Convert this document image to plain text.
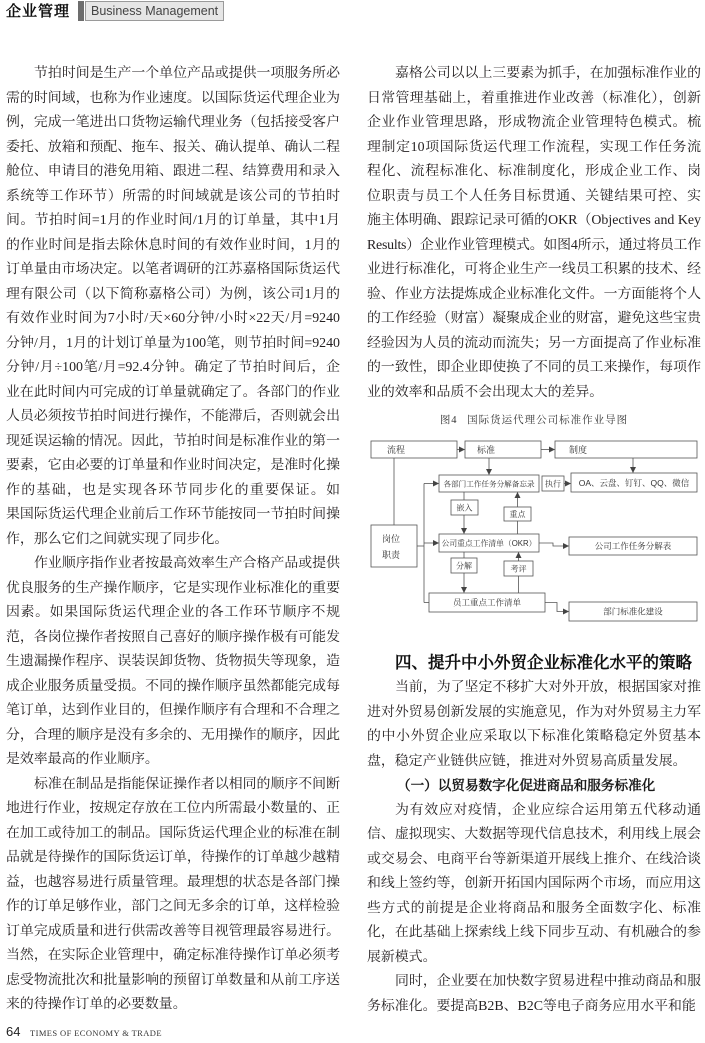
企业管理	Business Management
节拍时间是生产一个单位产品或提供一项服务所必
需的时间域，也称为作业速度。以国际货运代理企业为
例，完成一笔进出口货物运输代理业务（包括接受客户
委托、放箱和预配、拖车、报关、确认提单、确认二程
舱位、申请目的港免用箱、跟进二程、结算费用和录入
系统等工作环节）所需的时间域就是该公司的节拍时
间。节拍时间=1月的作业时间/1月的订单量，其中1月
的作业时间是指去除休息时间的有效作业时间，1月的
订单量由市场决定。以笔者调研的江苏嘉格国际货运代
理有限公司（以下简称嘉格公司）为例，该公司1月的
有效作业时间为7小时/天×60分钟/小时×22天/月=9240
分钟/月，1月的计划订单量为100笔，则节拍时间=9240
分钟/月÷100笔/月=92.4分钟。确定了节拍时间后，企
业在此时间内可完成的订单量就确定了。各部门的作业
人员必须按节拍时间进行操作，不能滞后，否则就会出
现延误运输的情况。因此，节拍时间是标准作业的第一
要素，它由必要的订单量和作业时间决定，是准时化操
作的基础，也是实现各环节同步化的重要保证。如
果国际货运代理企业前后工作环节能按同一节拍时间操
作，那么它们之间就实现了同步化。
作业顺序指作业者按最高效率生产合格产品或提供
优良服务的生产操作顺序，它是实现作业标准化的重要
因素。如果国际货运代理企业的各工作环节顺序不规
范，各岗位操作者按照自己喜好的顺序操作极有可能发
生遗漏操作程序、误装误卸货物、货物损失等现象，造
成企业服务质量受损。不同的操作顺序虽然都能完成每
笔订单，达到作业目的，但操作顺序有合理和不合理之
分，合理的顺序是没有多余的、无用操作的顺序，因此
是效率最高的作业顺序。
标准在制品是指能保证操作者以相同的顺序不间断
地进行作业，按规定存放在工位内所需最小数量的、正
在加工或待加工的制品。国际货运代理企业的标准在制
品就是待操作的国际货运订单，待操作的订单越少越精
益，也越容易进行质量管理。最理想的状态是各部门操
作的订单足够作业，部门之间无多余的订单，这样检验
订单完成质量和进行供需改善等目视管理最容易进行。
当然，在实际企业管理中，确定标准待操作订单必须考
虑受物流批次和批量影响的预留订单数量和从前工序送
来的待操作订单的必要数量。
嘉格公司以以上三要素为抓手，在加强标准作业的
日常管理基础上，着重推进作业改善（标准化），创新
企业作业管理思路，形成物流企业管理特色模式。梳
理制定10项国际货运代理工作流程，实现工作任务流
程化、流程标准化、标准制度化，形成企业工作、岗
位职责与员工个人任务目标贯通、关键结果可控、实
施主体明确、跟踪记录可循的OKR（Objectives and Key
Results）企业作业管理模式。如图4所示，通过将员工作
业进行标准化，可将企业生产一线员工积累的技术、经
验、作业方法提炼成企业标准化文件。一方面能将个人
的工作经验（财富）凝聚成企业的财富，避免这些宝贵
经验因为人员的流动而流失；另一方面提高了作业标准
的一致性，即企业即使换了不同的员工来操作，每项作
业的效率和品质不会出现太大的差异。
图4 国际货运代理公司标准作业导图
流程	标准	制度
各部门工作任务分解备忘录 执行 OA、云盘、钉钉、QQ、微信
嵌入
重点
岗位
职责
公司重点工作清单（OKR）	公司工作任务分解表
分解	考评
员工重点工作清单
部门标准化建设
四、提升中小外贸企业标准化水平的策略
当前，为了坚定不移扩大对外开放，根据国家对推
进对外贸易创新发展的实施意见，作为对外贸易主力军
的中小外贸企业应采取以下标准化策略稳定外贸基本
盘，稳定产业链供应链，推进对外贸易高质量发展。
（一）以贸易数字化促进商品和服务标准化
为有效应对疫情，企业应综合运用第五代移动通
信、虚拟现实、大数据等现代信息技术，利用线上展会
或交易会、电商平台等新渠道开展线上推介、在线洽谈
和线上签约等，创新开拓国内国际两个市场，而应用这
些方式的前提是企业将商品和服务全面数字化、标准
化，在此基础上探索线上线下同步互动、有机融合的参
展新模式。
同时，企业要在加快数字贸易进程中推动商品和服
务标准化。要提高B2B、B2C等电子商务应用水平和能
64 TIMES OF ECONOMY & TRADE
